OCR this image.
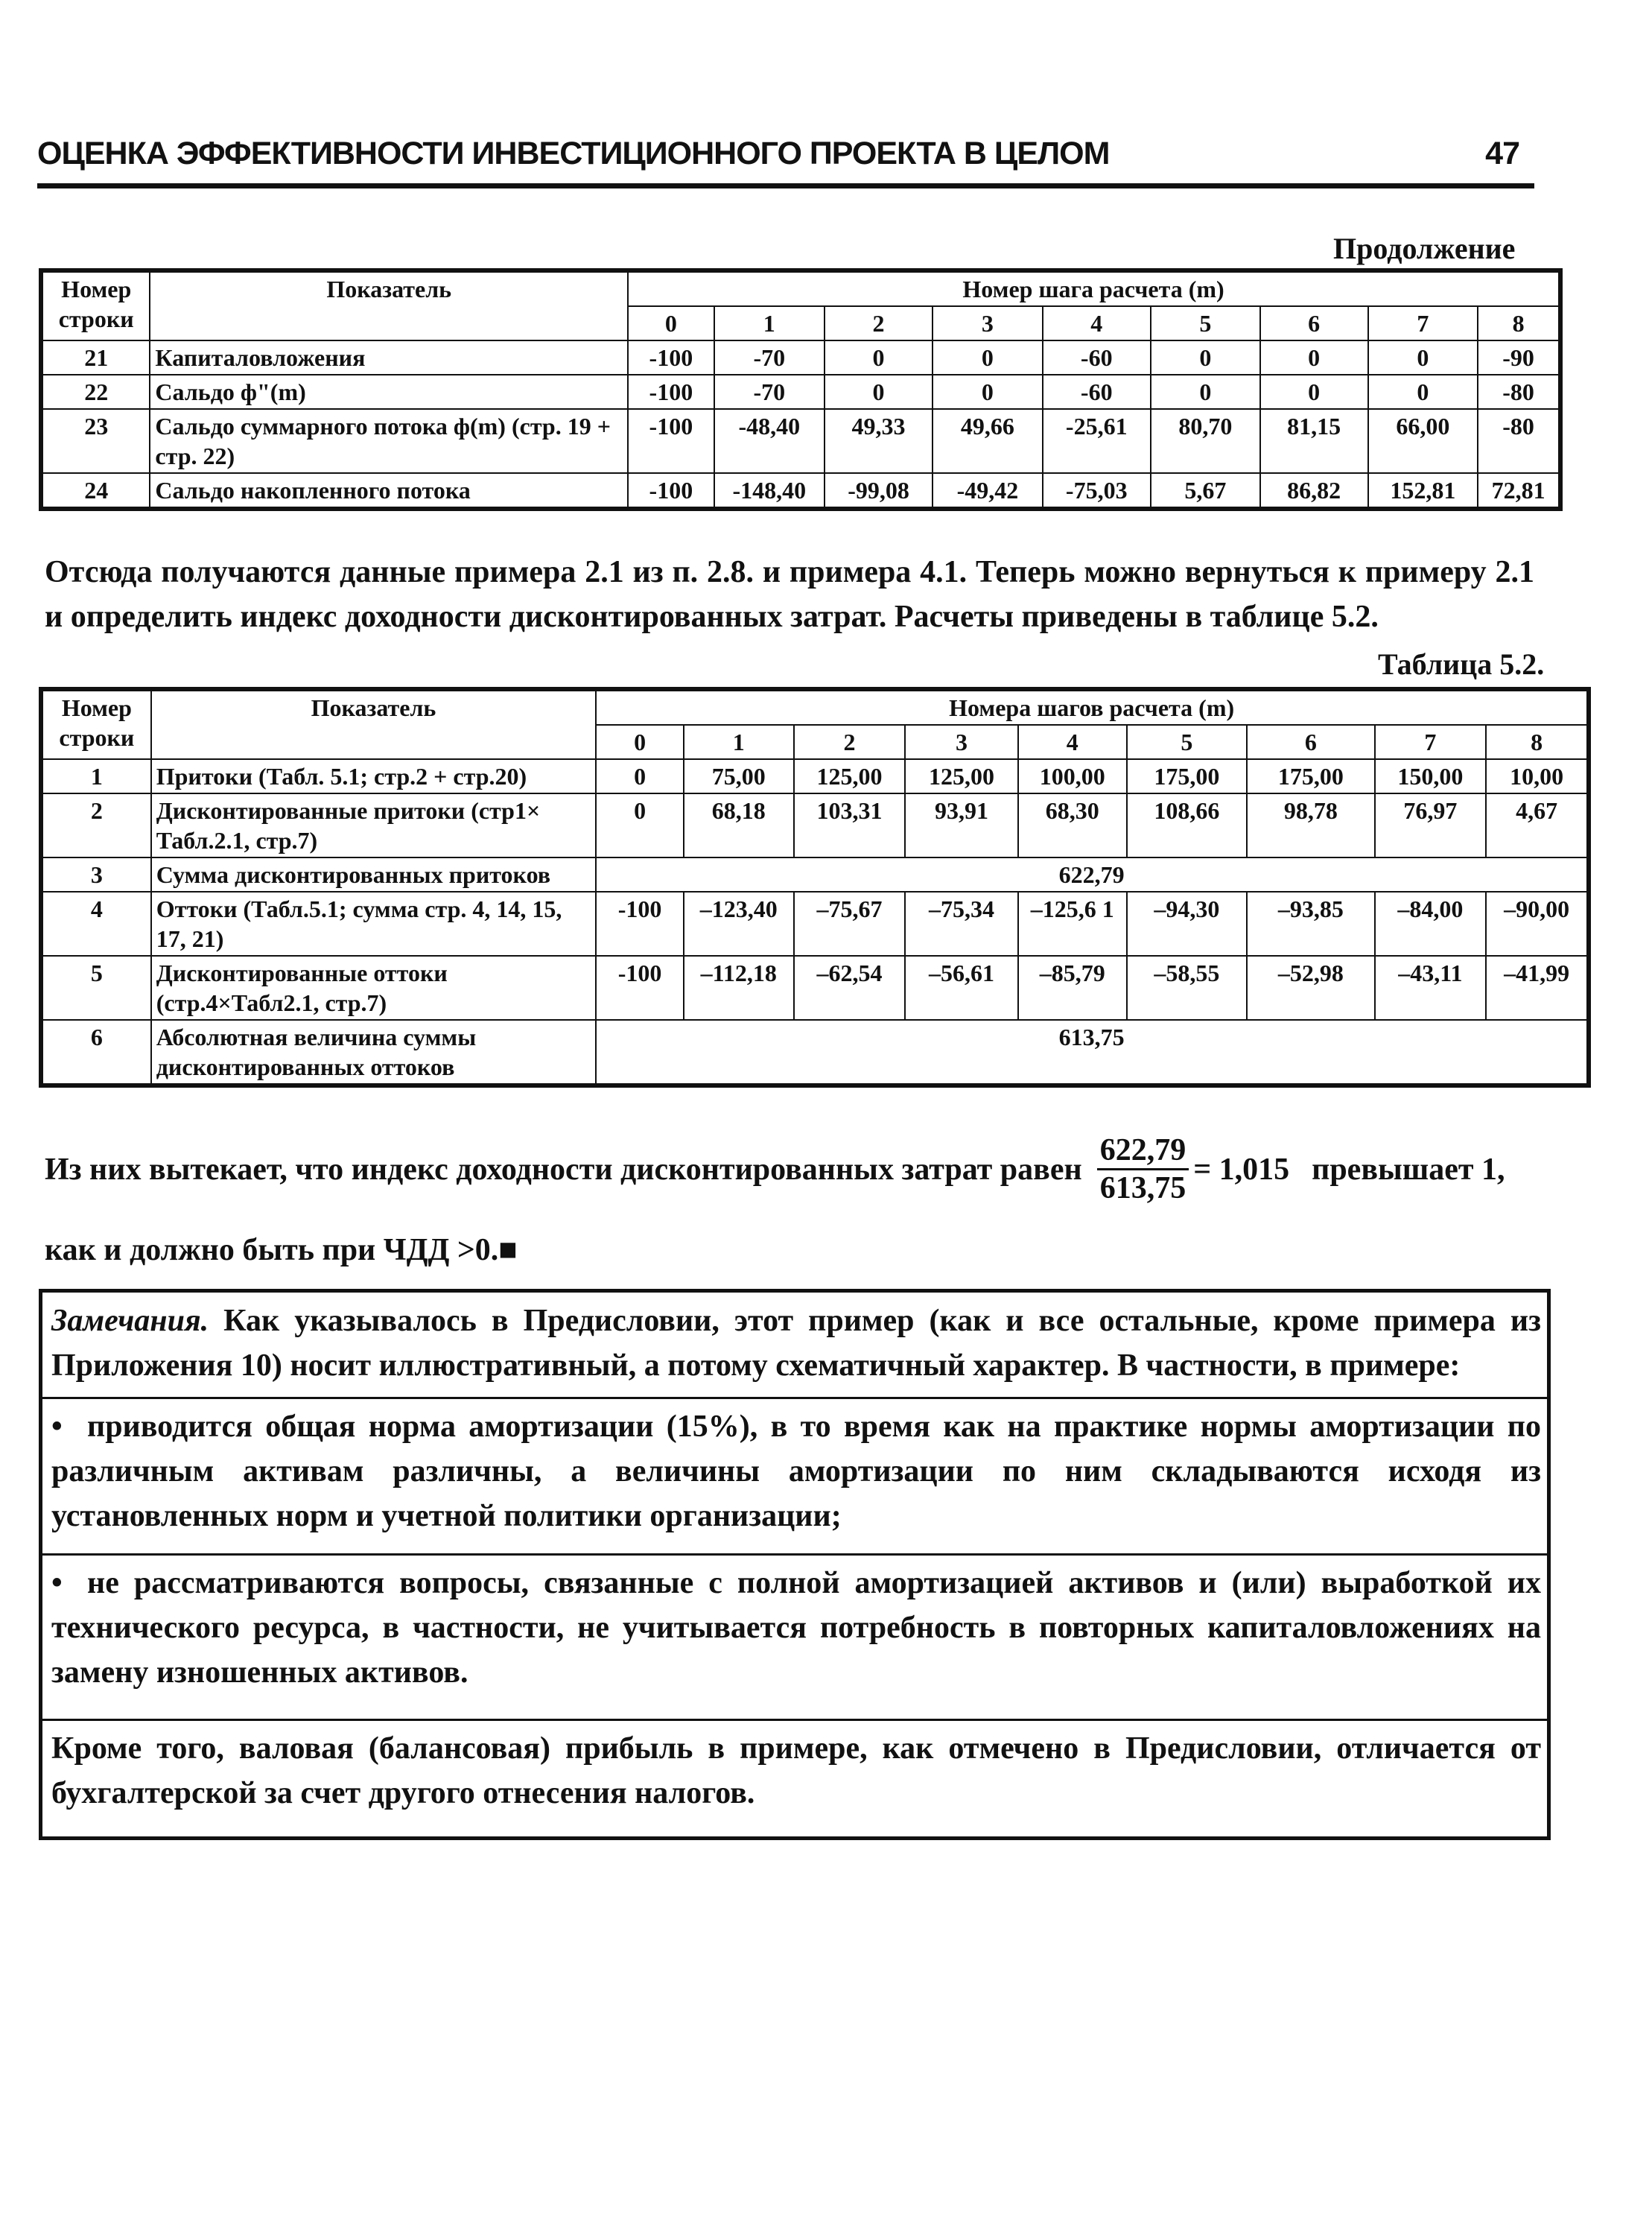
ОЦЕНКА ЭФФЕКТИВНОСТИ ИНВЕСТИЦИОННОГО ПРОЕКТА В ЦЕЛОМ	47
Продолжение
Номер строки	Показатель	Номер шага расчета (m)								
		0	1	2	3	4	5	6	7	8
21	Капиталовложения	-100	-70	0	0	-60	0	0	0	-90
22	Сальдо ф"(m)	-100	-70	0	0	-60	0	0	0	-80
23	Сальдо суммарного потока ф(m) (стр. 19 + стр. 22)	-100	-48,40	49,33	49,66	-25,61	80,70	81,15	66,00	-80
24	Сальдо накопленного потока	-100	-148,40	-99,08	-49,42	-75,03	5,67	86,82	152,81	72,81
Отсюда получаются данные примера 2.1 из п. 2.8. и примера 4.1. Теперь можно вернуться к примеру 2.1 и определить индекс доходности дисконтированных затрат. Расчеты приведены в таблице 5.2.
Таблица 5.2.
Номер строки	Показатель	Номера шагов расчета (m)								
		0	1	2	3	4	5	6	7	8
1	Притоки (Табл. 5.1; стр.2 + стр.20)	0	75,00	125,00	125,00	100,00	175,00	175,00	150,00	10,00
2	Дисконтированные притоки (стр1× Табл.2.1, стр.7)	0	68,18	103,31	93,91	68,30	108,66	98,78	76,97	4,67
3	Сумма дисконтированных притоков	622,79								
4	Оттоки (Табл.5.1; сумма стр. 4, 14, 15, 17, 21)	-100	–123,40	–75,67	–75,34	–125,6 1	–94,30	–93,85	–84,00	–90,00
5	Дисконтированные оттоки (стр.4×Табл2.1, стр.7)	-100	–112,18	–62,54	–56,61	–85,79	–58,55	–52,98	–43,11	–41,99
6	Абсолютная величина суммы дисконтированных оттоков	613,75								
Из них вытекает, что индекс доходности дисконтированных затрат равен $\frac{622,79}{613,75} = 1,015$ превышает 1,
как и должно быть при ЧДД >0.■
Замечания. Как указывалось в Предисловии, этот пример (как и все остальные, кроме примера из Приложения 10) носит иллюстративный, а потому схематичный характер. В частности, в примере:
• приводится общая норма амортизации (15%), в то время как на практике нормы амортизации по различным активам различны, а величины амортизации по ним складываются исходя из установленных норм и учетной политики организации;
• не рассматриваются вопросы, связанные с полной амортизацией активов и (или) выработкой их технического ресурса, в частности, не учитывается потребность в повторных капиталовложениях на замену изношенных активов.
Кроме того, валовая (балансовая) прибыль в примере, как отмечено в Предисловии, отличается от бухгалтерской за счет другого отнесения налогов.
